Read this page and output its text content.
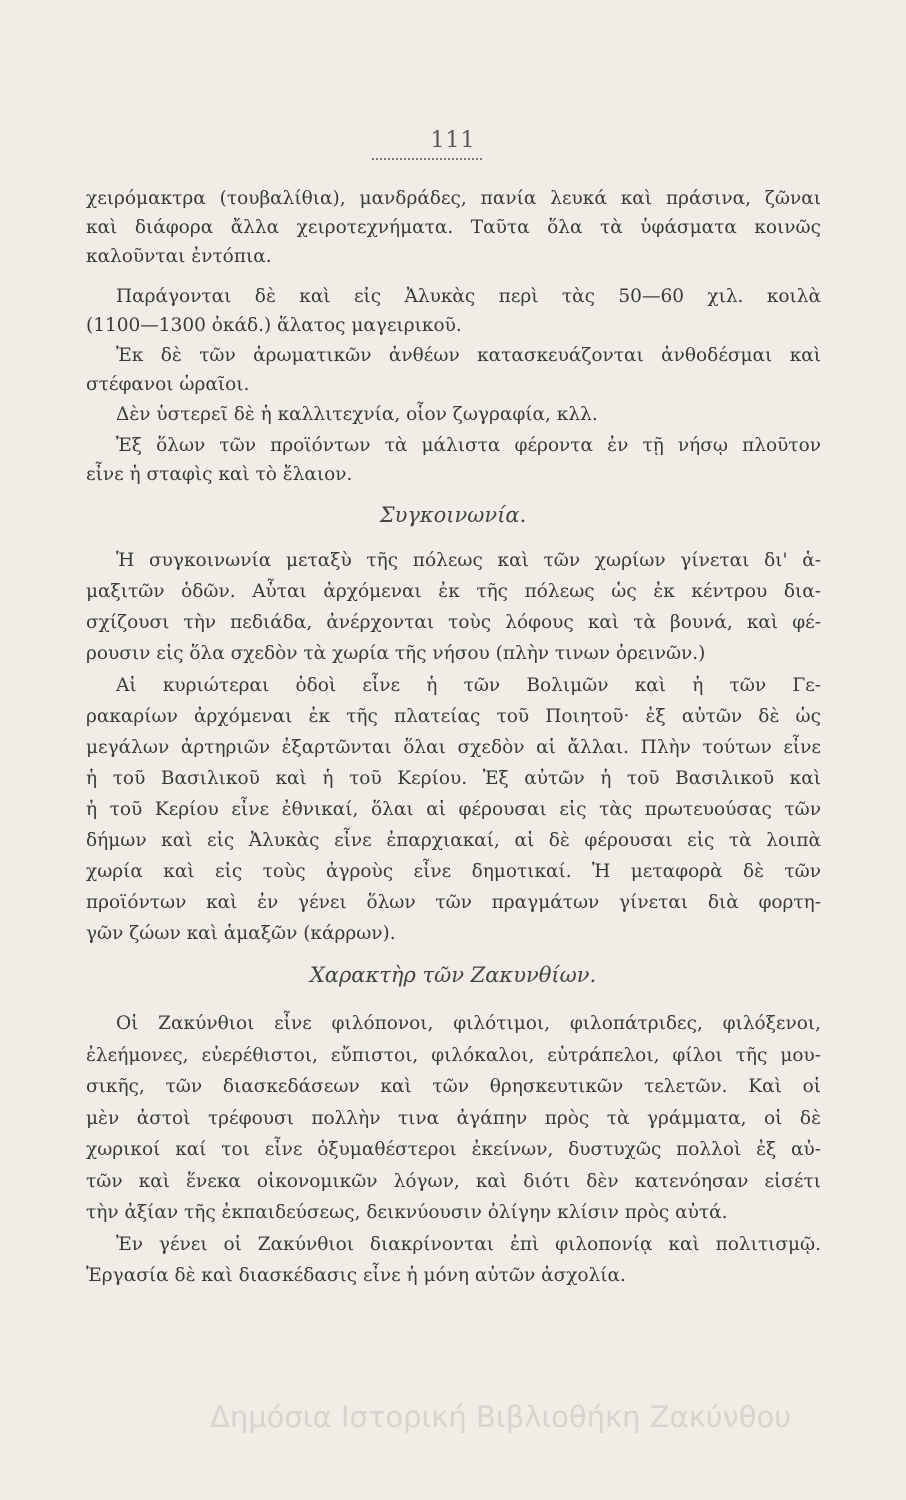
111
χειρόμακτρα (τουβαλίθια), μανδράδες, πανία λευκά καὶ πράσινα, ζῶναι
καὶ διάφορα ἄλλα χειροτεχνήματα. Ταῦτα ὅλα τὰ ὑφάσματα κοινῶς
καλοῦνται ἐντόπια.
Παράγονται δὲ καὶ εἰς Ἀλυκὰς περὶ τὰς 50—60 χιλ. κοιλὰ
(1100—1300 ὀκάδ.) ἅλατος μαγειρικοῦ.
Ἐκ δὲ τῶν ἀρωματικῶν ἀνθέων κατασκευάζονται ἀνθοδέσμαι καὶ
στέφανοι ὡραῖοι.
Δὲν ὑστερεῖ δὲ ἡ καλλιτεχνία, οἷον ζωγραφία, κλλ.
Ἐξ ὅλων τῶν προϊόντων τὰ μάλιστα φέροντα ἐν τῇ νήσῳ πλοῦτον
εἶνε ἡ σταφὶς καὶ τὸ ἔλαιον.
Συγκοινωνία.
Ἡ συγκοινωνία μεταξὺ τῆς πόλεως καὶ τῶν χωρίων γίνεται δι' ἁ-
μαξιτῶν ὁδῶν. Αὗται ἀρχόμεναι ἐκ τῆς πόλεως ὡς ἐκ κέντρου δια-
σχίζουσι τὴν πεδιάδα, ἀνέρχονται τοὺς λόφους καὶ τὰ βουνά, καὶ φέ-
ρουσιν εἰς ὅλα σχεδὸν τὰ χωρία τῆς νήσου (πλὴν τινων ὀρεινῶν.)
Αἱ κυριώτεραι ὁδοὶ εἶνε ἡ τῶν Βολιμῶν καὶ ἡ τῶν Γε-
ρακαρίων ἀρχόμεναι ἐκ τῆς πλατείας τοῦ Ποιητοῦ· ἐξ αὐτῶν δὲ ὡς
μεγάλων ἀρτηριῶν ἐξαρτῶνται ὅλαι σχεδὸν αἱ ἄλλαι. Πλὴν τούτων εἶνε
ἡ τοῦ Βασιλικοῦ καὶ ἡ τοῦ Κερίου. Ἐξ αὐτῶν ἡ τοῦ Βασιλικοῦ καὶ
ἡ τοῦ Κερίου εἶνε ἐθνικαί, ὅλαι αἱ φέρουσαι εἰς τὰς πρωτευούσας τῶν
δήμων καὶ εἰς Ἀλυκὰς εἶνε ἐπαρχιακαί, αἱ δὲ φέρουσαι εἰς τὰ λοιπὰ
χωρία καὶ εἰς τοὺς ἀγροὺς εἶνε δημοτικαί. Ἡ μεταφορὰ δὲ τῶν
προϊόντων καὶ ἐν γένει ὅλων τῶν πραγμάτων γίνεται διὰ φορτη-
γῶν ζώων καὶ ἁμαξῶν (κάρρων).
Χαρακτὴρ τῶν Ζακυνθίων.
Οἱ Ζακύνθιοι εἶνε φιλόπονοι, φιλότιμοι, φιλοπάτριδες, φιλόξενοι,
ἐλεήμονες, εὐερέθιστοι, εὔπιστοι, φιλόκαλοι, εὐτράπελοι, φίλοι τῆς μου-
σικῆς, τῶν διασκεδάσεων καὶ τῶν θρησκευτικῶν τελετῶν. Καὶ οἱ
μὲν ἀστοὶ τρέφουσι πολλὴν τινα ἀγάπην πρὸς τὰ γράμματα, οἱ δὲ
χωρικοί καί τοι εἶνε ὀξυμαθέστεροι ἐκείνων, δυστυχῶς πολλοὶ ἐξ αὐ-
τῶν καὶ ἕνεκα οἰκονομικῶν λόγων, καὶ διότι δὲν κατενόησαν εἰσέτι
τὴν ἀξίαν τῆς ἐκπαιδεύσεως, δεικνύουσιν ὀλίγην κλίσιν πρὸς αὐτά.
Ἐν γένει οἱ Ζακύνθιοι διακρίνονται ἐπὶ φιλοπονίᾳ καὶ πολιτισμῷ.
Ἐργασία δὲ καὶ διασκέδασις εἶνε ἡ μόνη αὐτῶν ἀσχολία.
Δημόσια Ιστορική Βιβλιοθήκη Ζακύνθου
